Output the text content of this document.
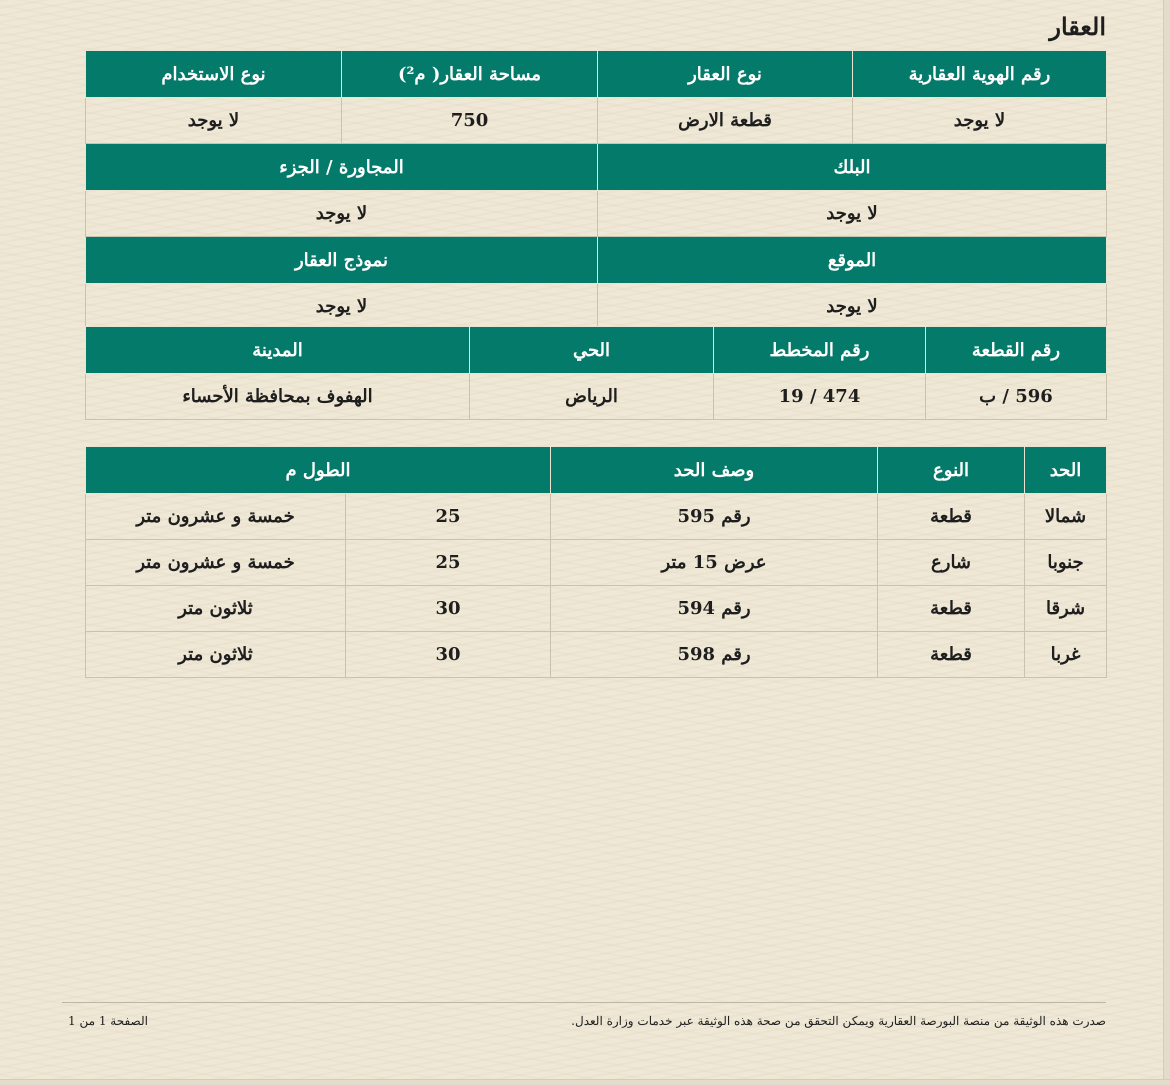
العقار
رقم الهوية العقارية	نوع العقار	مساحة العقار( م²)	نوع الاستخدام
لا يوجد	قطعة الارض	750	لا يوجد
البلك		المجاورة / الجزء	
لا يوجد		لا يوجد	
الموقع		نموذج العقار	
لا يوجد		لا يوجد	
رقم القطعة	رقم المخطط	الحي	المدينة
596 / ب	19 / 474	الرياض	الهفوف بمحافظة الأحساء
الحد	النوع	وصف الحد	الطول م	
شمالا	قطعة	رقم 595	25	خمسة و عشرون متر
جنوبا	شارع	عرض 15 متر	25	خمسة و عشرون متر
شرقا	قطعة	رقم 594	30	ثلاثون متر
غربا	قطعة	رقم 598	30	ثلاثون متر
صدرت هذه الوثيقة من منصة البورصة العقارية ويمكن التحقق من صحة هذه الوثيقة عبر خدمات وزارة العدل.
الصفحة 1 من 1
